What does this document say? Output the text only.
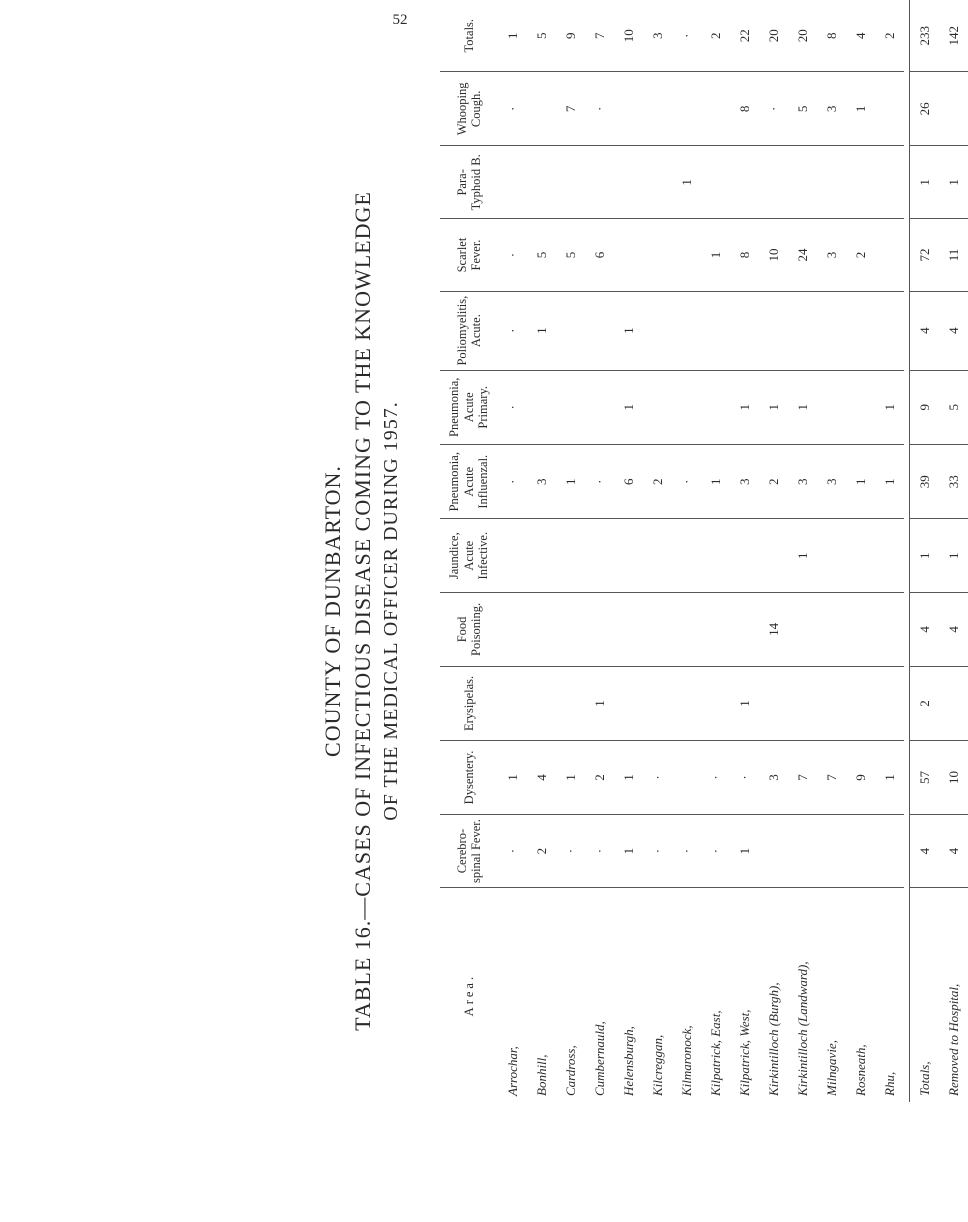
52
COUNTY OF DUNBARTON. TABLE 16.—CASES OF INFECTIOUS DISEASE COMING TO THE KNOWLEDGE OF THE MEDICAL OFFICER DURING 1957.
Area.	Cerebro-spinal Fever.	Dysentery.	Erysipelas.	Food Poisoning.	Jaundice, Acute Infective.	Pneumonia, Acute Influenzal.	Pneumonia, Acute Primary.	Poliomyelitis, Acute.	Scarlet Fever.	Para-Typhoid B.	Whooping Cough.	Totals.
Arrochar,	·	1				·	·	·	·		·	1
Bonhill,	2	4				3		1	5			5
Cardross,	·	1				1			5		7	9
Cumbernauld,	·	2	1			·			6		·	7
Helensburgh,	1	1				6	1	1				10
Kilcreggan,	·	·				2						3
Kilmaronock,	·					·				1		·
Kilpatrick, East,	·	·				1			1			2
Kilpatrick, West,	1	·	1			3	1		8		8	22
Kirkintilloch (Burgh),		3		14		2	1		10		·	20
Kirkintilloch (Landward),		7			1	3	1		24		5	20
Milngavie,		7				3			3		3	8
Rosneath,		9				1			2		1	4
Rhu,		1				1	1					2

Totals,	4	57	2	4	1	39	9	4	72	1	26	233
Removed to Hospital,	4	10		4	1	33	5	4	11	1		142
